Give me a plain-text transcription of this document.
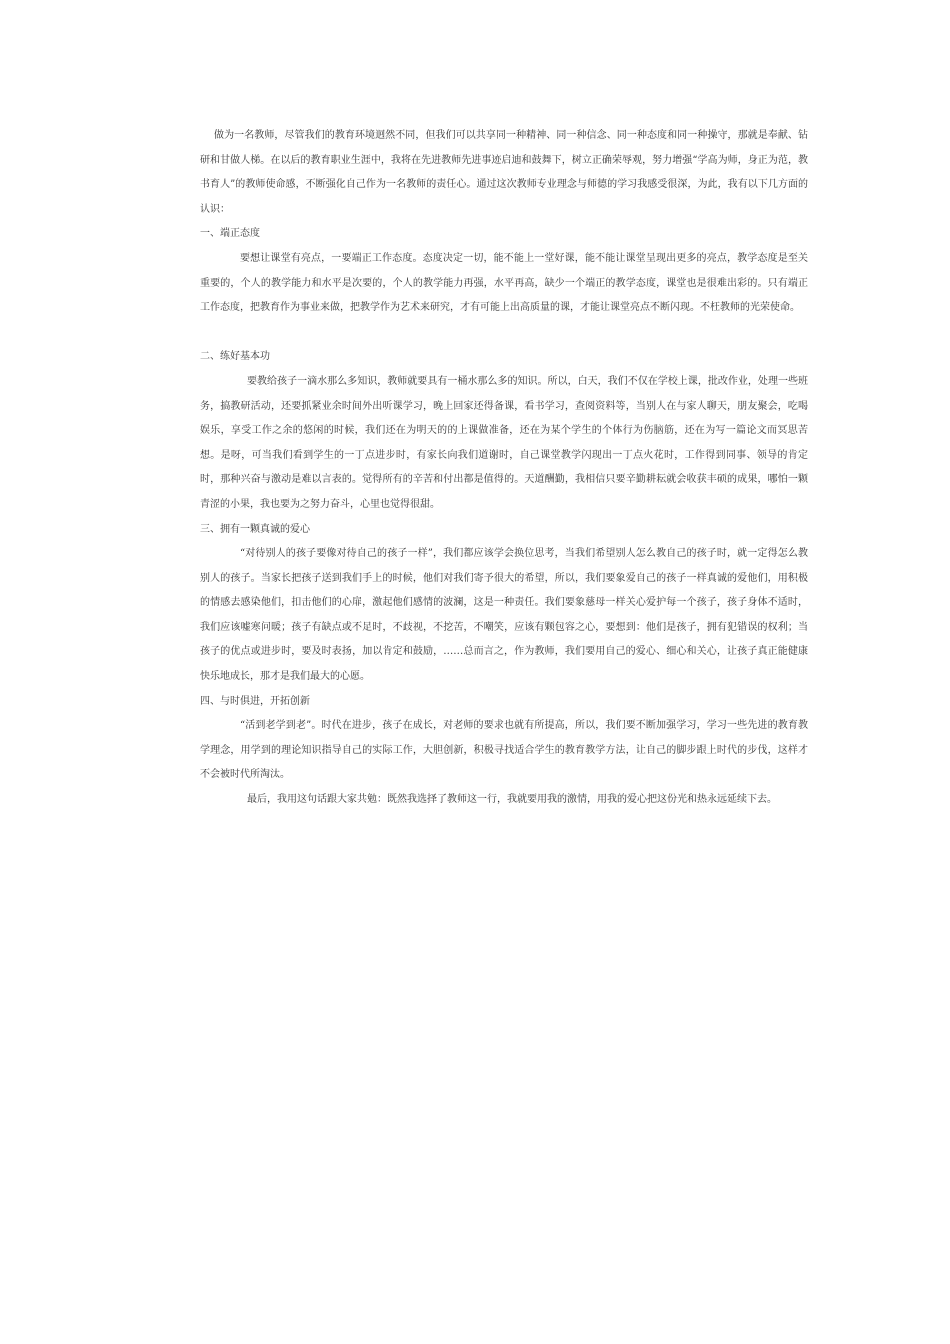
做为一名教师，尽管我们的教育环境迥然不同，但我们可以共享同一种精神、同一种信念、同一种态度和同一种操守，那就是奉献、钻研和甘做人梯。在以后的教育职业生涯中，我将在先进教师先进事迹启迪和鼓舞下，树立正确荣辱观，努力增强“学高为师，身正为范，教书育人”的教师使命感，不断强化自己作为一名教师的责任心。通过这次教师专业理念与师德的学习我感受很深，为此，我有以下几方面的认识：

一、端正态度

要想让课堂有亮点，一要端正工作态度。态度决定一切，能不能上一堂好课，能不能让课堂呈现出更多的亮点，教学态度是至关重要的，个人的教学能力和水平是次要的，个人的教学能力再强，水平再高，缺少一个端正的教学态度，课堂也是很难出彩的。只有端正工作态度，把教育作为事业来做，把教学作为艺术来研究，才有可能上出高质量的课，才能让课堂亮点不断闪现。不枉教师的光荣使命。

二、练好基本功

要教给孩子一滴水那么多知识，教师就要具有一桶水那么多的知识。所以，白天，我们不仅在学校上课，批改作业，处理一些班务，搞教研活动，还要抓紧业余时间外出听课学习，晚上回家还得备课，看书学习，查阅资料等，当别人在与家人聊天，朋友聚会，吃喝娱乐，享受工作之余的悠闲的时候，我们还在为明天的的上课做准备，还在为某个学生的个体行为伤脑筋，还在为写一篇论文而冥思苦想。是呀，可当我们看到学生的一丁点进步时，有家长向我们道谢时，自己课堂教学闪现出一丁点火花时，工作得到同事、领导的肯定时，那种兴奋与激动是难以言表的。觉得所有的辛苦和付出都是值得的。天道酬勤，我相信只要辛勤耕耘就会收获丰硕的成果，哪怕一颗青涩的小果，我也要为之努力奋斗，心里也觉得很甜。

三、拥有一颗真诚的爱心

“对待别人的孩子要像对待自己的孩子一样”，我们都应该学会换位思考，当我们希望别人怎么教自己的孩子时，就一定得怎么教别人的孩子。当家长把孩子送到我们手上的时候，他们对我们寄予很大的希望，所以，我们要象爱自己的孩子一样真诚的爱他们，用积极的情感去感染他们，扣击他们的心扉，激起他们感情的波澜，这是一种责任。我们要象慈母一样关心爱护每一个孩子，孩子身体不适时，我们应该嘘寒问暖；孩子有缺点或不足时，不歧视，不挖苦，不嘲笑，应该有颗包容之心，要想到：他们是孩子，拥有犯错误的权利；当孩子的优点或进步时，要及时表扬，加以肯定和鼓励，……总而言之，作为教师，我们要用自己的爱心、细心和关心，让孩子真正能健康快乐地成长，那才是我们最大的心愿。

四、与时俱进，开拓创新

“活到老学到老”。时代在进步，孩子在成长，对老师的要求也就有所提高，所以，我们要不断加强学习，学习一些先进的教育教学理念，用学到的理论知识指导自己的实际工作，大胆创新，积极寻找适合学生的教育教学方法，让自己的脚步跟上时代的步伐，这样才不会被时代所淘汰。

最后，我用这句话跟大家共勉：既然我选择了教师这一行，我就要用我的激情，用我的爱心把这份光和热永远延续下去。
